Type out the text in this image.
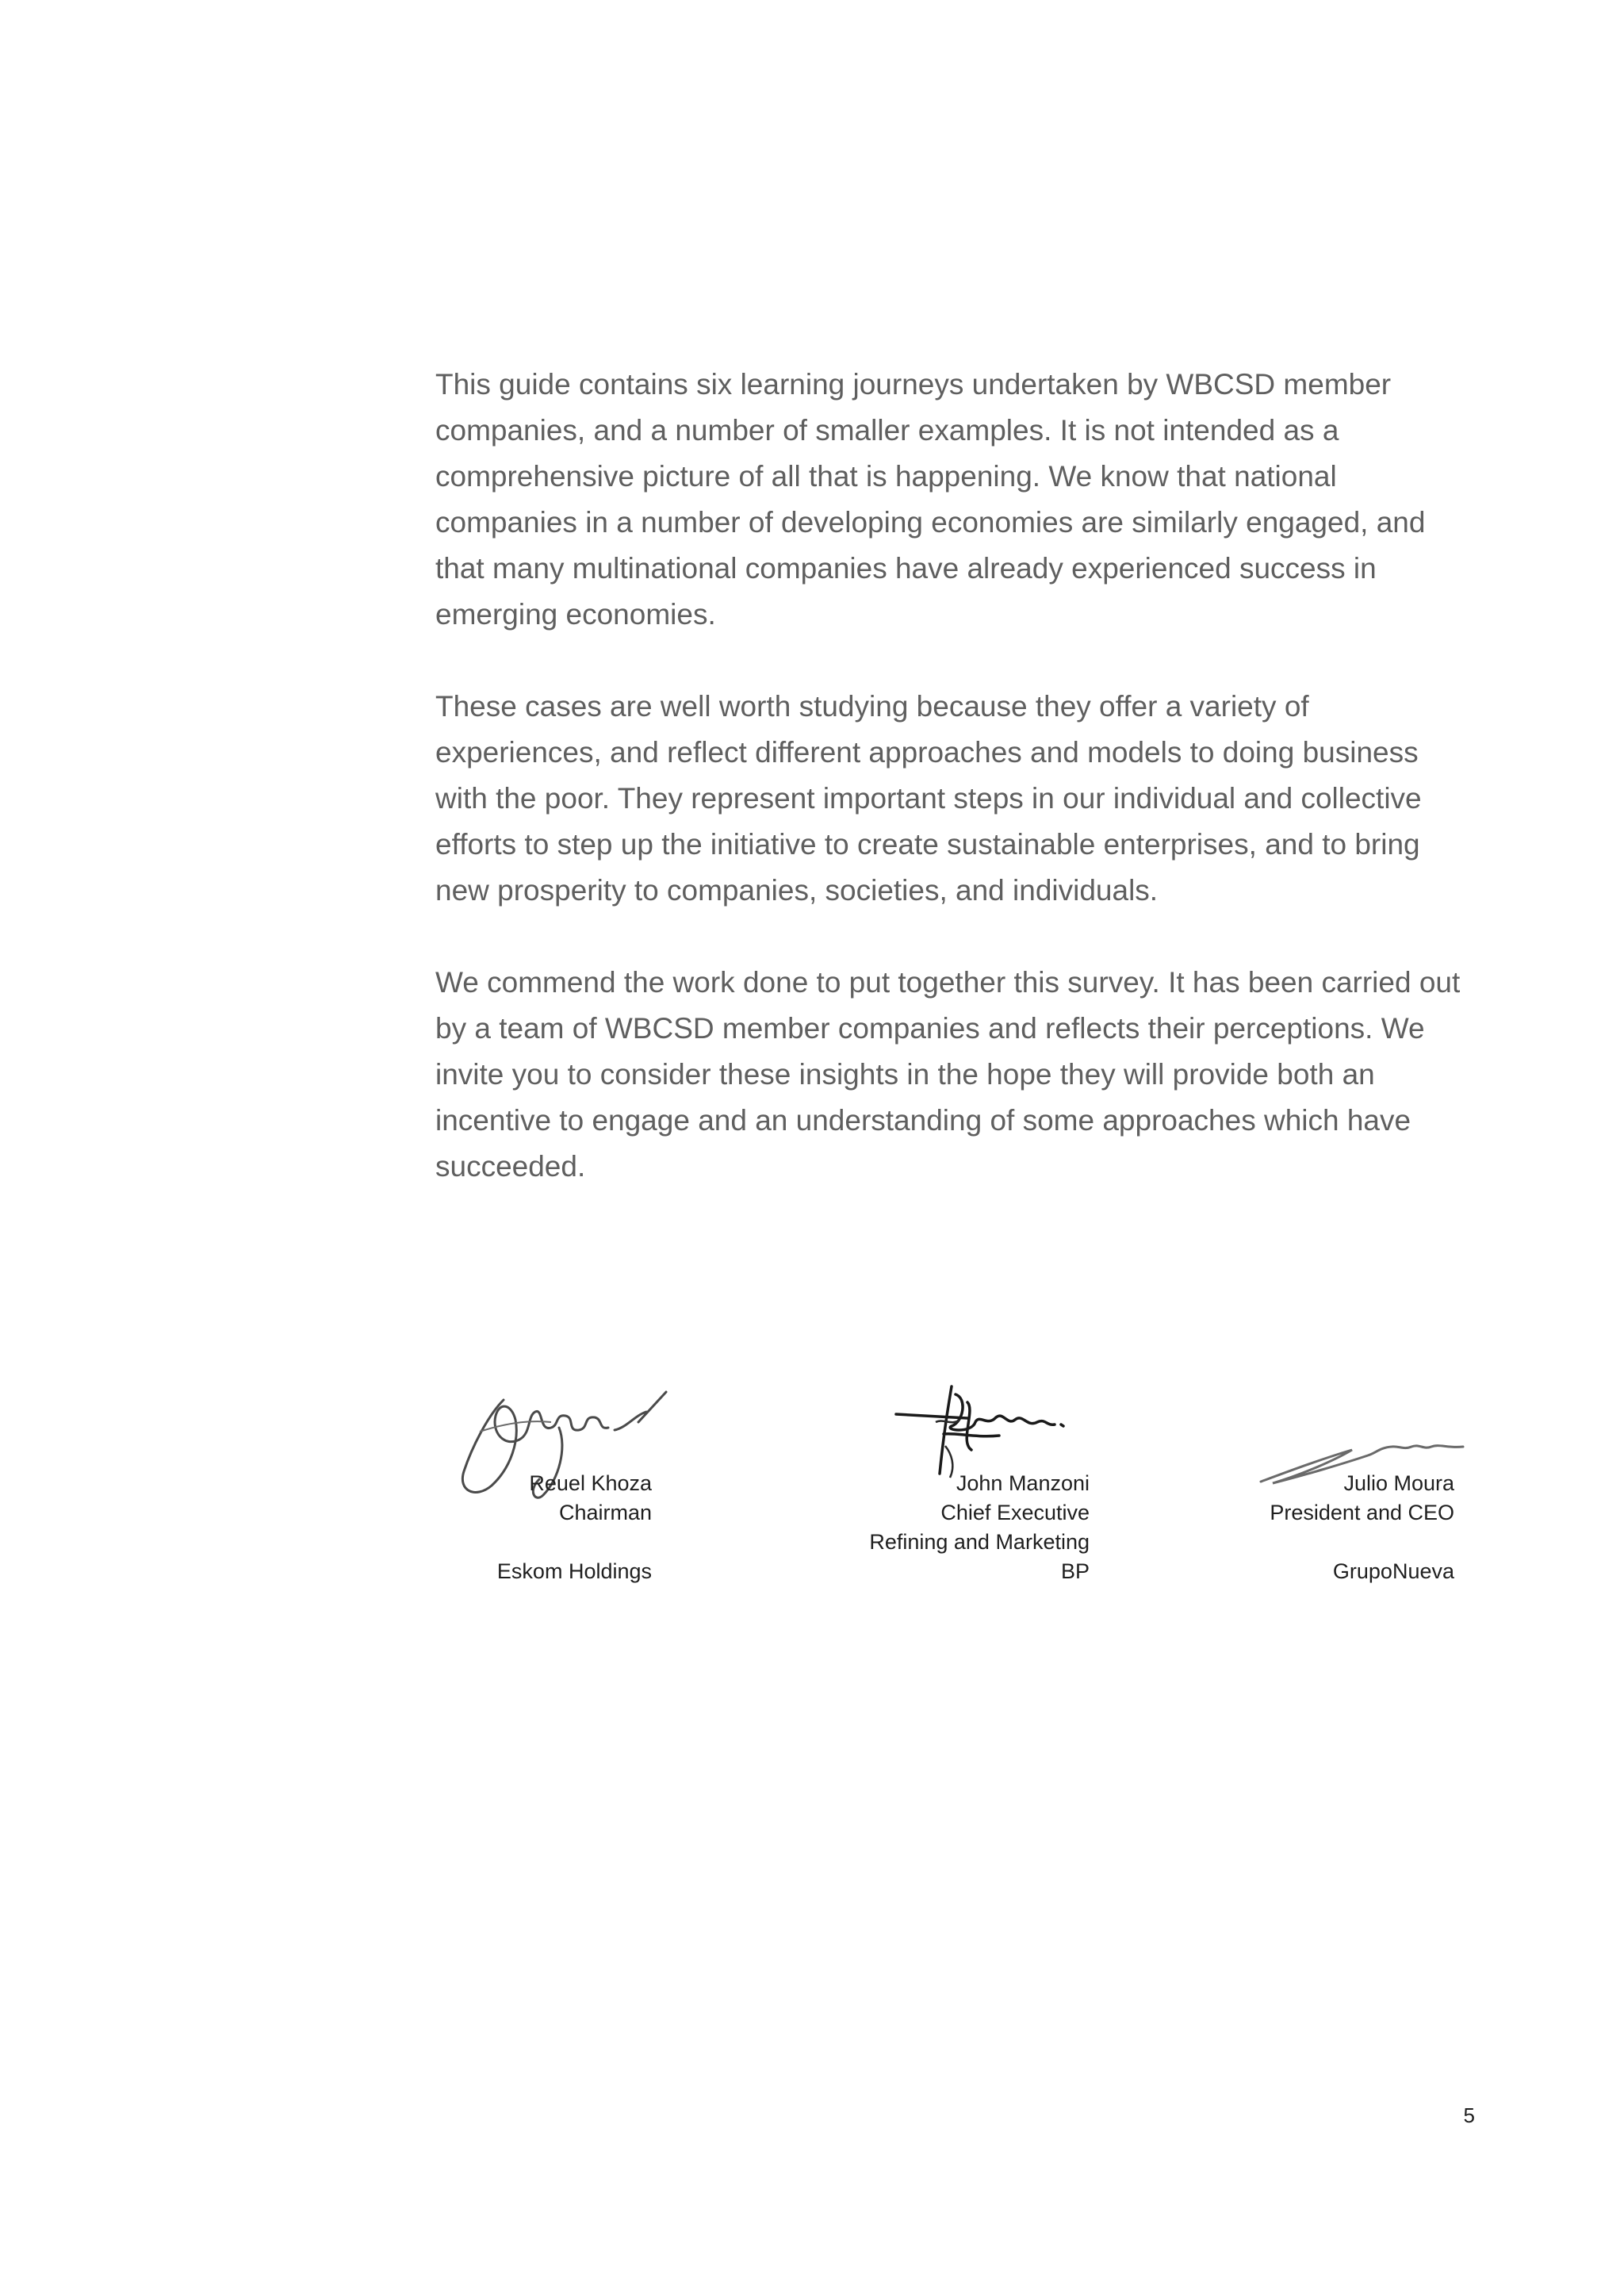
This guide contains six learning journeys undertaken by WBCSD member companies, and a number of smaller examples. It is not intended as a comprehensive picture of all that is happening. We know that national companies in a number of developing economies are similarly engaged, and that many multinational companies have already experienced success in emerging economies.

These cases are well worth studying because they offer a variety of experiences, and reflect different approaches and models to doing business with the poor. They represent important steps in our individual and collective efforts to step up the initiative to create sustainable enterprises, and to bring new prosperity to companies, societies, and individuals.

We commend the work done to put together this survey. It has been carried out by a team of WBCSD member companies and reflects their perceptions. We invite you to consider these insights in the hope they will provide both an incentive to engage and an understanding of some approaches which have succeeded.

Reuel Khoza
Chairman
Eskom Holdings
John Manzoni
Chief Executive
Refining and Marketing
BP
Julio Moura
President and CEO
GrupoNueva
5
